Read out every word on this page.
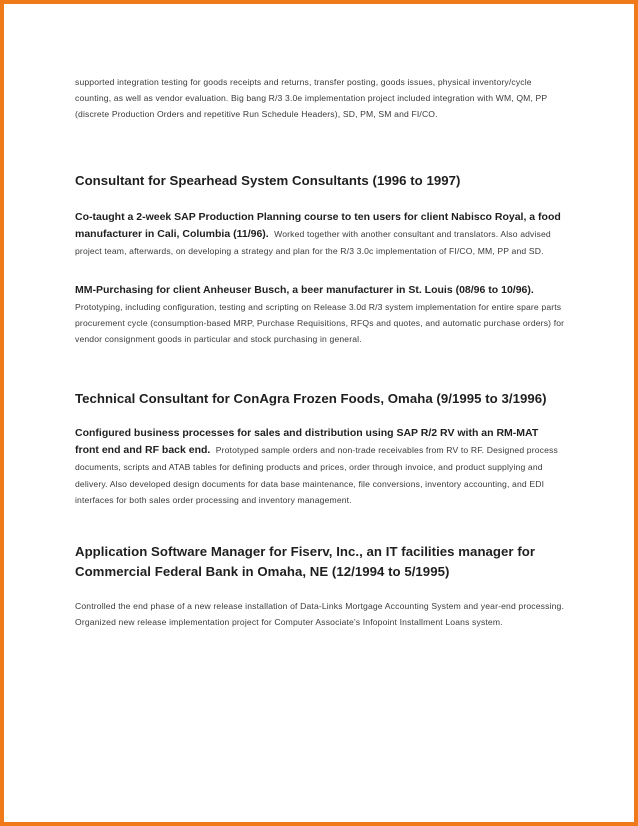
supported integration testing for goods receipts and returns, transfer posting, goods issues, physical inventory/cycle counting, as well as vendor evaluation. Big bang R/3 3.0e implementation project included integration with WM, QM, PP (discrete Production Orders and repetitive Run Schedule Headers), SD, PM, SM and FI/CO.

Consultant for Spearhead System Consultants (1996 to 1997)

Co-taught a 2-week SAP Production Planning course to ten users for client Nabisco Royal, a food manufacturer in Cali, Columbia (11/96). Worked together with another consultant and translators. Also advised project team, afterwards, on developing a strategy and plan for the R/3 3.0c implementation of FI/CO, MM, PP and SD.

MM-Purchasing for client Anheuser Busch, a beer manufacturer in St. Louis (08/96 to 10/96). Prototyping, including configuration, testing and scripting on Release 3.0d R/3 system implementation for entire spare parts procurement cycle (consumption-based MRP, Purchase Requisitions, RFQs and quotes, and automatic purchase orders) for vendor consignment goods in particular and stock purchasing in general.

Technical Consultant for ConAgra Frozen Foods, Omaha (9/1995 to 3/1996)

Configured business processes for sales and distribution using SAP R/2 RV with an RM-MAT front end and RF back end. Prototyped sample orders and non-trade receivables from RV to RF. Designed process documents, scripts and ATAB tables for defining products and prices, order through invoice, and product supplying and delivery. Also developed design documents for data base maintenance, file conversions, inventory accounting, and EDI interfaces for both sales order processing and inventory management.

Application Software Manager for Fiserv, Inc., an IT facilities manager for Commercial Federal Bank in Omaha, NE (12/1994 to 5/1995)

Controlled the end phase of a new release installation of Data-Links Mortgage Accounting System and year-end processing. Organized new release implementation project for Computer Associate's Infopoint Installment Loans system.
